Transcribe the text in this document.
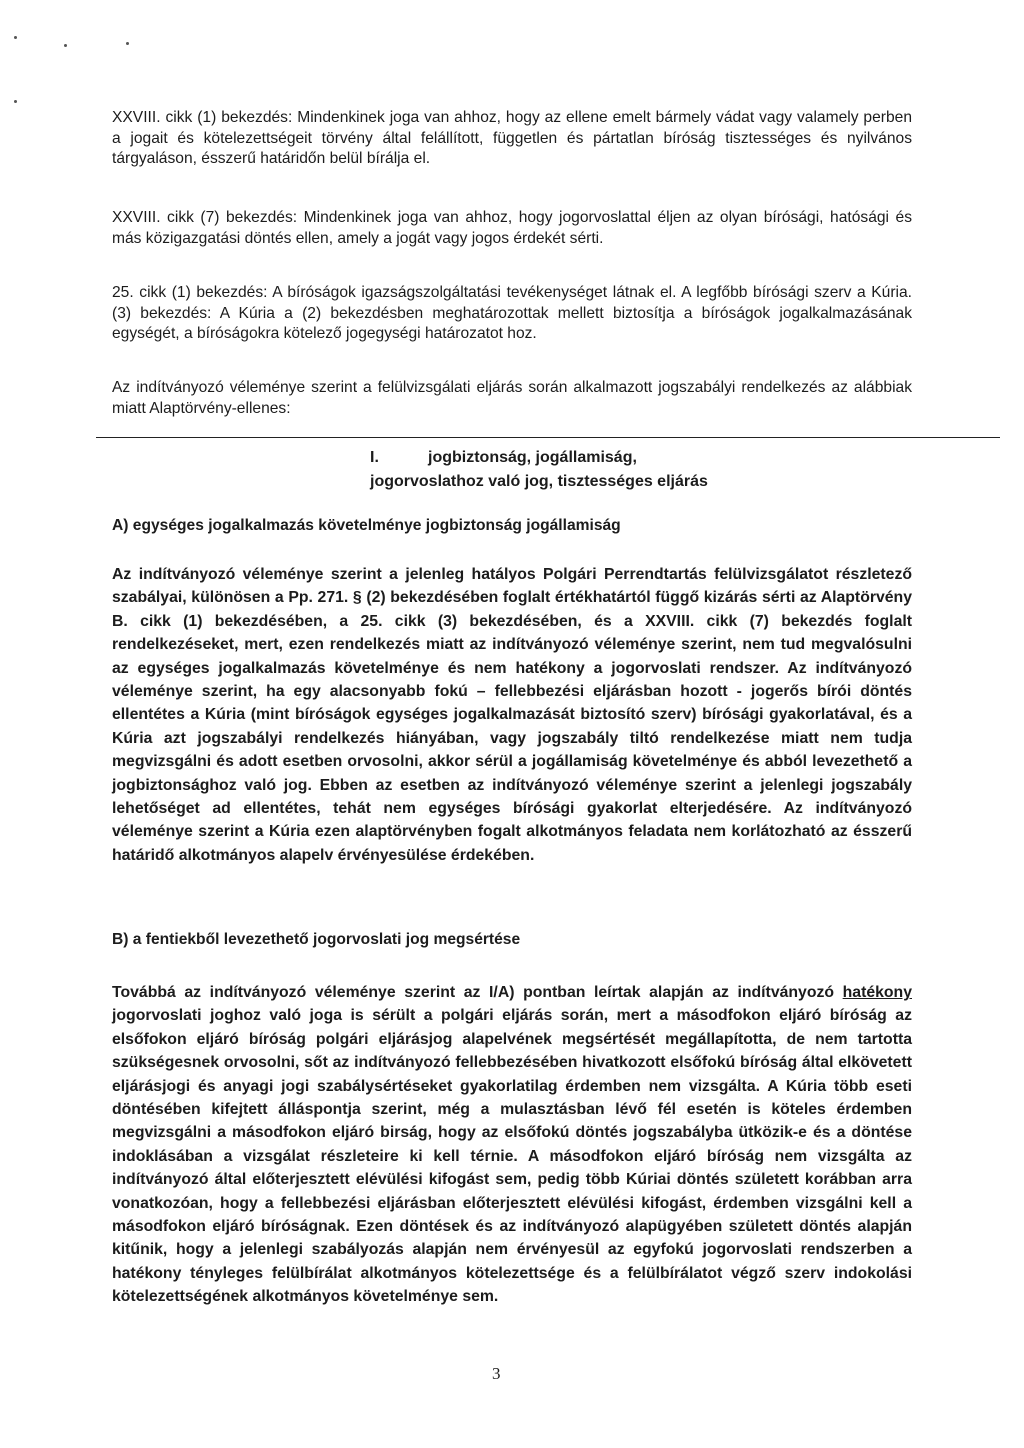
XXVIII. cikk (1) bekezdés: Mindenkinek joga van ahhoz, hogy az ellene emelt bármely vádat vagy valamely perben a jogait és kötelezettségeit törvény által felállított, független és pártatlan bíróság tisztességes és nyilvános tárgyaláson, ésszerű határidőn belül bírálja el.
XXVIII. cikk (7) bekezdés: Mindenkinek joga van ahhoz, hogy jogorvoslattal éljen az olyan bírósági, hatósági és más közigazgatási döntés ellen, amely a jogát vagy jogos érdekét sérti.
25. cikk (1) bekezdés: A bíróságok igazságszolgáltatási tevékenységet látnak el. A legfőbb bírósági szerv a Kúria. (3) bekezdés: A Kúria a (2) bekezdésben meghatározottak mellett biztosítja a bíróságok jogalkalmazásának egységét, a bíróságokra kötelező jogegységi határozatot hoz.
Az indítványozó véleménye szerint a felülvizsgálati eljárás során alkalmazott jogszabályi rendelkezés az alábbiak miatt Alaptörvény-ellenes:
I.	jogbiztonság, jogállamiság,
jogorvoslathoz való jog, tisztességes eljárás
A) egységes jogalkalmazás követelménye jogbiztonság jogállamiság
Az indítványozó véleménye szerint a jelenleg hatályos Polgári Perrendtartás felülvizsgálatot részletező szabályai, különösen a Pp. 271. § (2) bekezdésében foglalt értékhatártól függő kizárás sérti az Alaptörvény B. cikk (1) bekezdésében, a 25. cikk (3) bekezdésében, és a XXVIII. cikk (7) bekezdés foglalt rendelkezéseket, mert, ezen rendelkezés miatt az indítványozó véleménye szerint, nem tud megvalósulni az egységes jogalkalmazás követelménye és nem hatékony a jogorvoslati rendszer. Az indítványozó véleménye szerint, ha egy alacsonyabb fokú – fellebbezési eljárásban hozott - jogerős bírói döntés ellentétes a Kúria (mint bíróságok egységes jogalkalmazását biztosító szerv) bírósági gyakorlatával, és a Kúria azt jogszabályi rendelkezés hiányában, vagy jogszabály tiltó rendelkezése miatt nem tudja megvizsgálni és adott esetben orvosolni, akkor sérül a jogállamiság követelménye és abból levezethető a jogbiztonsághoz való jog. Ebben az esetben az indítványozó véleménye szerint a jelenlegi jogszabály lehetőséget ad ellentétes, tehát nem egységes bírósági gyakorlat elterjedésére. Az indítványozó véleménye szerint a Kúria ezen alaptörvényben fogalt alkotmányos feladata nem korlátozható az ésszerű határidő alkotmányos alapelv érvényesülése érdekében.
B) a fentiekből levezethető jogorvoslati jog megsértése
Továbbá az indítványozó véleménye szerint az I/A) pontban leírtak alapján az indítványozó hatékony jogorvoslati joghoz való joga is sérült a polgári eljárás során, mert a másodfokon eljáró bíróság az elsőfokon eljáró bíróság polgári eljárásjog alapelvének megsértését megállapította, de nem tartotta szükségesnek orvosolni, sőt az indítványozó fellebbezésében hivatkozott elsőfokú bíróság által elkövetett eljárásjogi és anyagi jogi szabálysértéseket gyakorlatilag érdemben nem vizsgálta. A Kúria több eseti döntésében kifejtett álláspontja szerint, még a mulasztásban lévő fél esetén is köteles érdemben megvizsgálni a másodfokon eljáró birság, hogy az elsőfokú döntés jogszabályba ütközik-e és a döntése indoklásában a vizsgálat részleteire ki kell térnie. A másodfokon eljáró bíróság nem vizsgálta az indítványozó által előterjesztett elévülési kifogást sem, pedig több Kúriai döntés született korábban arra vonatkozóan, hogy a fellebbezési eljárásban előterjesztett elévülési kifogást, érdemben vizsgálni kell a másodfokon eljáró bíróságnak. Ezen döntések és az indítványozó alapügyében született döntés alapján kitűnik, hogy a jelenlegi szabályozás alapján nem érvényesül az egyfokú jogorvoslati rendszerben a hatékony tényleges felülbírálat alkotmányos kötelezettsége és a felülbírálatot végző szerv indokolási kötelezettségének alkotmányos követelménye sem.
3
